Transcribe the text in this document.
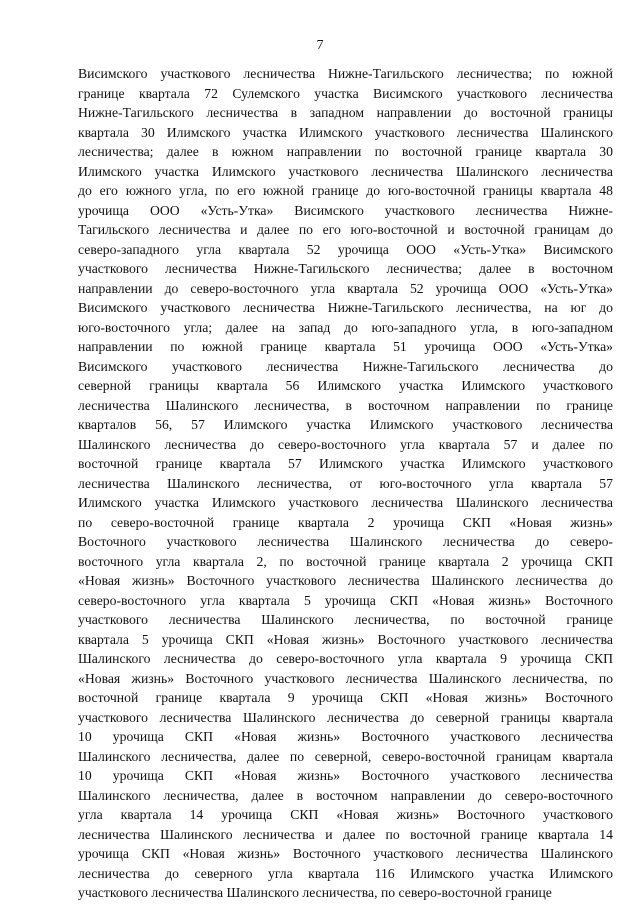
7
Висимского участкового лесничества Нижне-Тагильского лесничества; по южной
границе квартала 72 Сулемского участка Висимского участкового лесничества
Нижне-Тагильского лесничества в западном направлении до восточной границы
квартала 30 Илимского участка Илимского участкового лесничества Шалинского
лесничества; далее в южном направлении по восточной границе квартала 30
Илимского участка Илимского участкового лесничества Шалинского лесничества
до его южного угла, по его южной границе до юго-восточной границы квартала 48
урочища ООО «Усть-Утка» Висимского участкового лесничества Нижне-
Тагильского лесничества и далее по его юго-восточной и восточной границам до
северо-западного угла квартала 52 урочища ООО «Усть-Утка» Висимского
участкового лесничества Нижне-Тагильского лесничества; далее в восточном
направлении до северо-восточного угла квартала 52 урочища ООО «Усть-Утка»
Висимского участкового лесничества Нижне-Тагильского лесничества, на юг до
юго-восточного угла; далее на запад до юго-западного угла, в юго-западном
направлении по южной границе квартала 51 урочища ООО «Усть-Утка»
Висимского участкового лесничества Нижне-Тагильского лесничества до
северной границы квартала 56 Илимского участка Илимского участкового
лесничества Шалинского лесничества, в восточном направлении по границе
кварталов 56, 57 Илимского участка Илимского участкового лесничества
Шалинского лесничества до северо-восточного угла квартала 57 и далее по
восточной границе квартала 57 Илимского участка Илимского участкового
лесничества Шалинского лесничества, от юго-восточного угла квартала 57
Илимского участка Илимского участкового лесничества Шалинского лесничества
по северо-восточной границе квартала 2 урочища СКП «Новая жизнь»
Восточного участкового лесничества Шалинского лесничества до северо-
восточного угла квартала 2, по восточной границе квартала 2 урочища СКП
«Новая жизнь» Восточного участкового лесничества Шалинского лесничества до
северо-восточного угла квартала 5 урочища СКП «Новая жизнь» Восточного
участкового лесничества Шалинского лесничества, по восточной границе
квартала 5 урочища СКП «Новая жизнь» Восточного участкового лесничества
Шалинского лесничества до северо-восточного угла квартала 9 урочища СКП
«Новая жизнь» Восточного участкового лесничества Шалинского лесничества, по
восточной границе квартала 9 урочища СКП «Новая жизнь» Восточного
участкового лесничества Шалинского лесничества до северной границы квартала
10 урочища СКП «Новая жизнь» Восточного участкового лесничества
Шалинского лесничества, далее по северной, северо-восточной границам квартала
10 урочища СКП «Новая жизнь» Восточного участкового лесничества
Шалинского лесничества, далее в восточном направлении до северо-восточного
угла квартала 14 урочища СКП «Новая жизнь» Восточного участкового
лесничества Шалинского лесничества и далее по восточной границе квартала 14
урочища СКП «Новая жизнь» Восточного участкового лесничества Шалинского
лесничества до северного угла квартала 116 Илимского участка Илимского
участкового лесничества Шалинского лесничества, по северо-восточной границе
